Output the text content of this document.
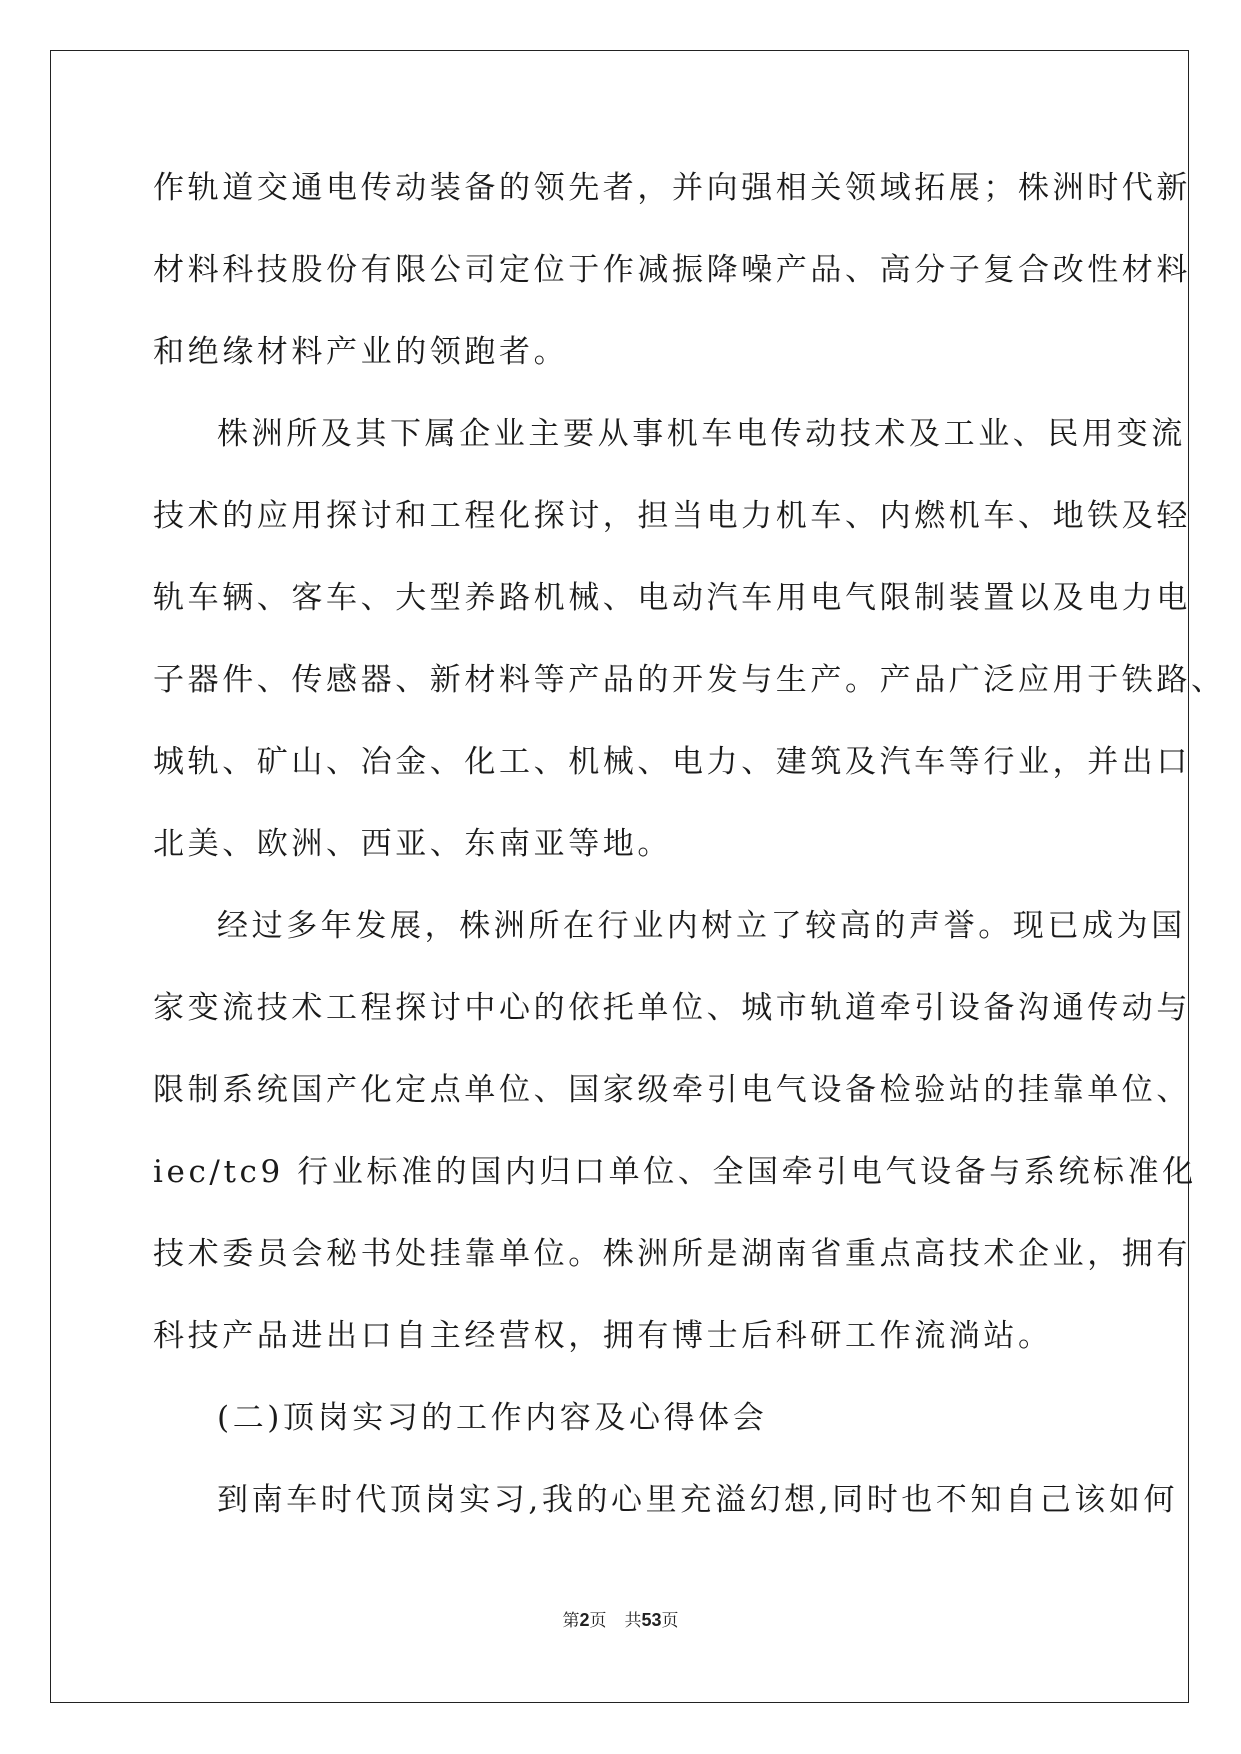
作轨道交通电传动装备的领先者，并向强相关领域拓展；株洲时代新
材料科技股份有限公司定位于作减振降噪产品、高分子复合改性材料
和绝缘材料产业的领跑者。
株洲所及其下属企业主要从事机车电传动技术及工业、民用变流
技术的应用探讨和工程化探讨，担当电力机车、内燃机车、地铁及轻
轨车辆、客车、大型养路机械、电动汽车用电气限制装置以及电力电
子器件、传感器、新材料等产品的开发与生产。产品广泛应用于铁路、
城轨、矿山、冶金、化工、机械、电力、建筑及汽车等行业，并出口
北美、欧洲、西亚、东南亚等地。
经过多年发展，株洲所在行业内树立了较高的声誉。现已成为国
家变流技术工程探讨中心的依托单位、城市轨道牵引设备沟通传动与
限制系统国产化定点单位、国家级牵引电气设备检验站的挂靠单位、
iec/tc9 行业标准的国内归口单位、全国牵引电气设备与系统标准化
技术委员会秘书处挂靠单位。株洲所是湖南省重点高技术企业，拥有
科技产品进出口自主经营权，拥有博士后科研工作流淌站。
(二)顶岗实习的工作内容及心得体会
到南车时代顶岗实习,我的心里充溢幻想,同时也不知自己该如何
第2页 共53页
